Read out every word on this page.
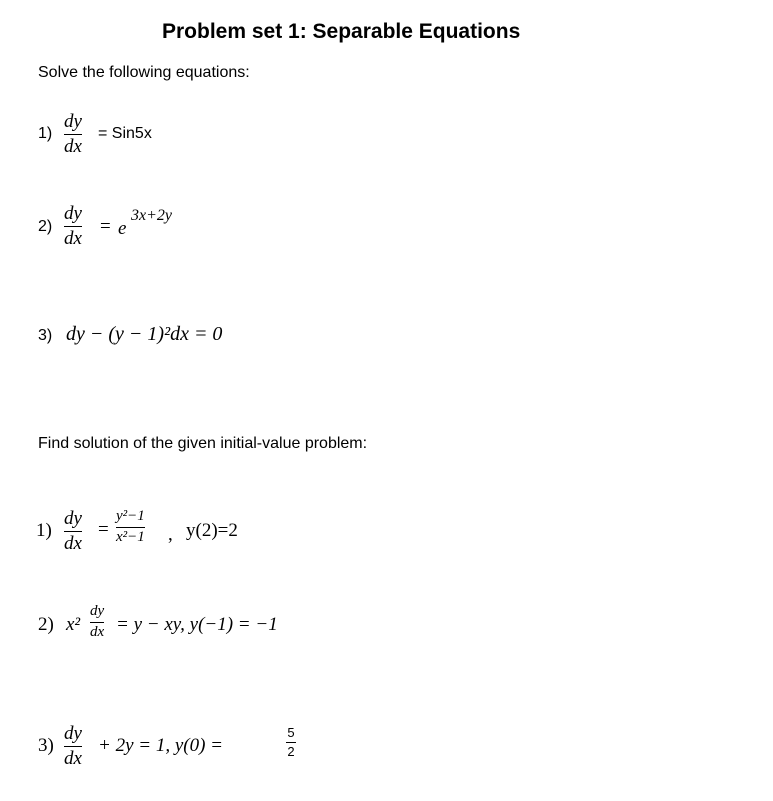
Problem set 1: Separable Equations
Solve the following equations:
1)
dy
dx
= Sin5x
2)
dy
dx
= e
3x+2y
3) dy − (y − 1)²dx = 0
Find solution of the given initial-value problem:
1)
dy
dx
=
y²−1
x²−1 , y(2)=2
2) x²
dy
dx = y − xy, y(−1) = −1
3)
dy
dx
+ 2y = 1, y(0) =
5
2
